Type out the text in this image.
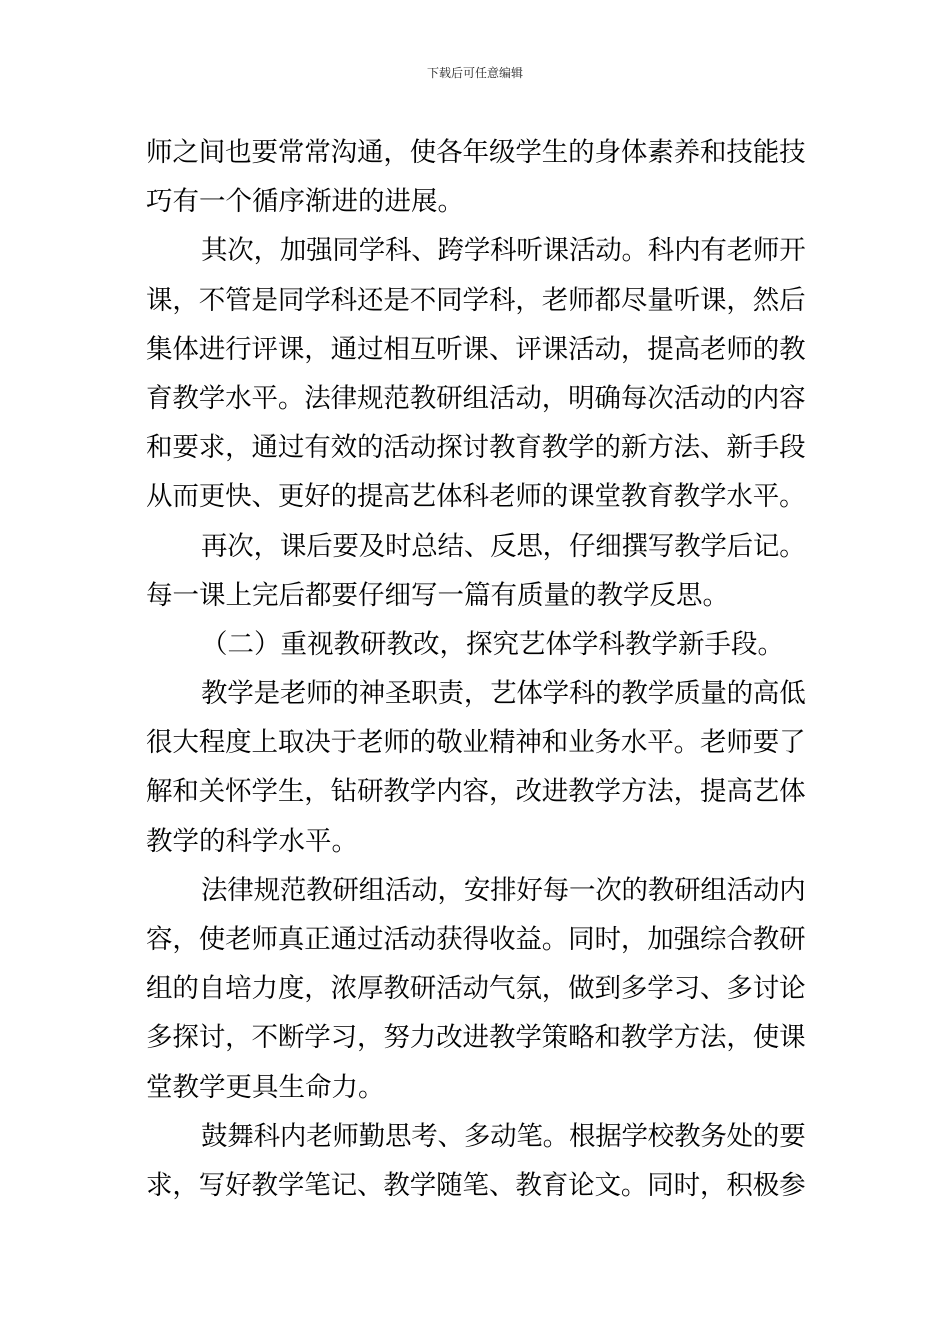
下载后可任意编辑
师之间也要常常沟通，使各年级学生的身体素养和技能技
巧有一个循序渐进的进展。
其次，加强同学科、跨学科听课活动。科内有老师开
课，不管是同学科还是不同学科，老师都尽量听课，然后
集体进行评课，通过相互听课、评课活动，提高老师的教
育教学水平。法律规范教研组活动，明确每次活动的内容
和要求，通过有效的活动探讨教育教学的新方法、新手段
从而更快、更好的提高艺体科老师的课堂教育教学水平。
再次，课后要及时总结、反思，仔细撰写教学后记。
每一课上完后都要仔细写一篇有质量的教学反思。
（二）重视教研教改，探究艺体学科教学新手段。
教学是老师的神圣职责，艺体学科的教学质量的高低
很大程度上取决于老师的敬业精神和业务水平。老师要了
解和关怀学生，钻研教学内容，改进教学方法，提高艺体
教学的科学水平。
法律规范教研组活动，安排好每一次的教研组活动内
容，使老师真正通过活动获得收益。同时，加强综合教研
组的自培力度，浓厚教研活动气氛，做到多学习、多讨论
多探讨，不断学习，努力改进教学策略和教学方法，使课
堂教学更具生命力。
鼓舞科内老师勤思考、多动笔。根据学校教务处的要
求，写好教学笔记、教学随笔、教育论文。同时，积极参
